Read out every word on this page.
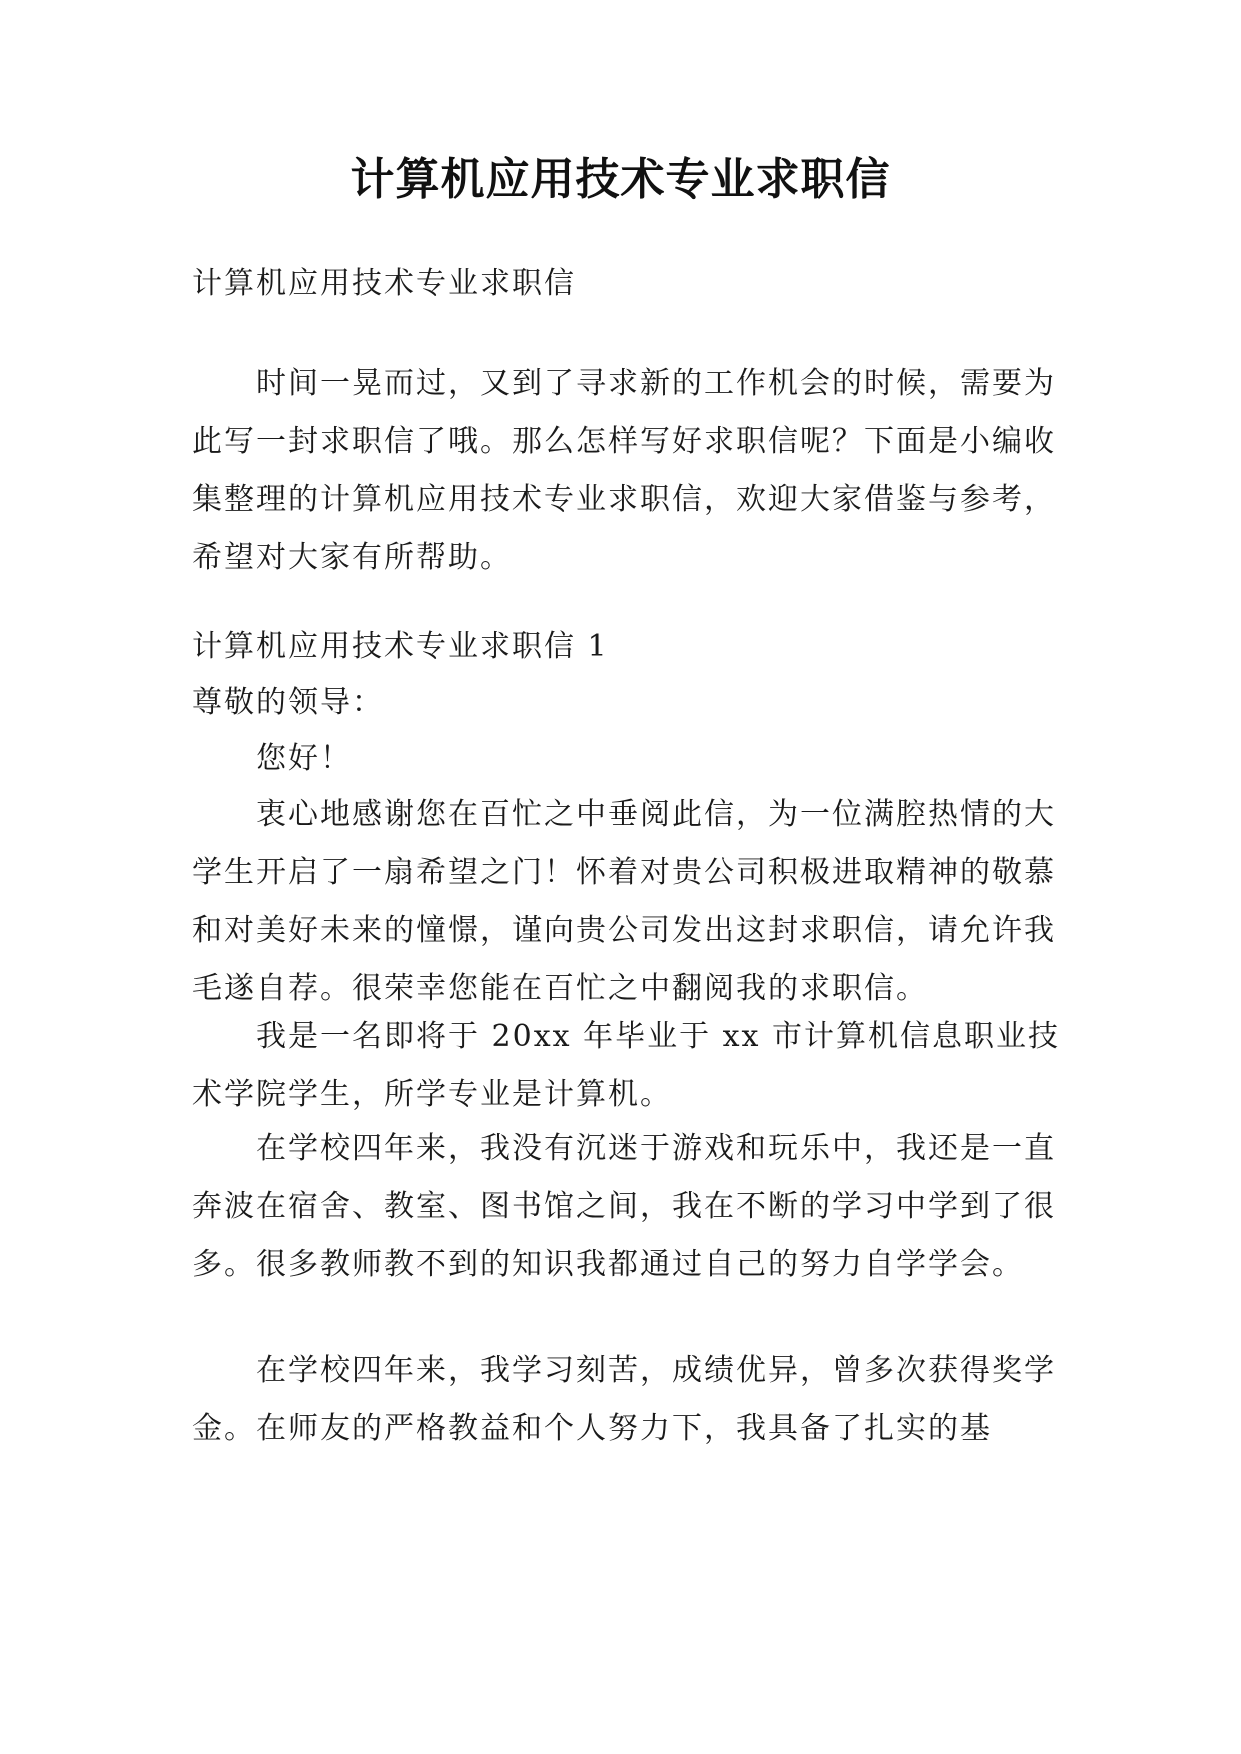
计算机应用技术专业求职信
计算机应用技术专业求职信
时间一晃而过，又到了寻求新的工作机会的时候，需要为此写一封求职信了哦。那么怎样写好求职信呢？下面是小编收集整理的计算机应用技术专业求职信，欢迎大家借鉴与参考，希望对大家有所帮助。
计算机应用技术专业求职信 1
尊敬的领导：
您好！
衷心地感谢您在百忙之中垂阅此信，为一位满腔热情的大学生开启了一扇希望之门！怀着对贵公司积极进取精神的敬慕和对美好未来的憧憬，谨向贵公司发出这封求职信，请允许我毛遂自荐。很荣幸您能在百忙之中翻阅我的求职信。
我是一名即将于 20xx 年毕业于 xx 市计算机信息职业技术学院学生，所学专业是计算机。
在学校四年来，我没有沉迷于游戏和玩乐中，我还是一直奔波在宿舍、教室、图书馆之间，我在不断的学习中学到了很多。很多教师教不到的知识我都通过自己的努力自学学会。
在学校四年来，我学习刻苦，成绩优异，曾多次获得奖学金。在师友的严格教益和个人努力下，我具备了扎实的基
